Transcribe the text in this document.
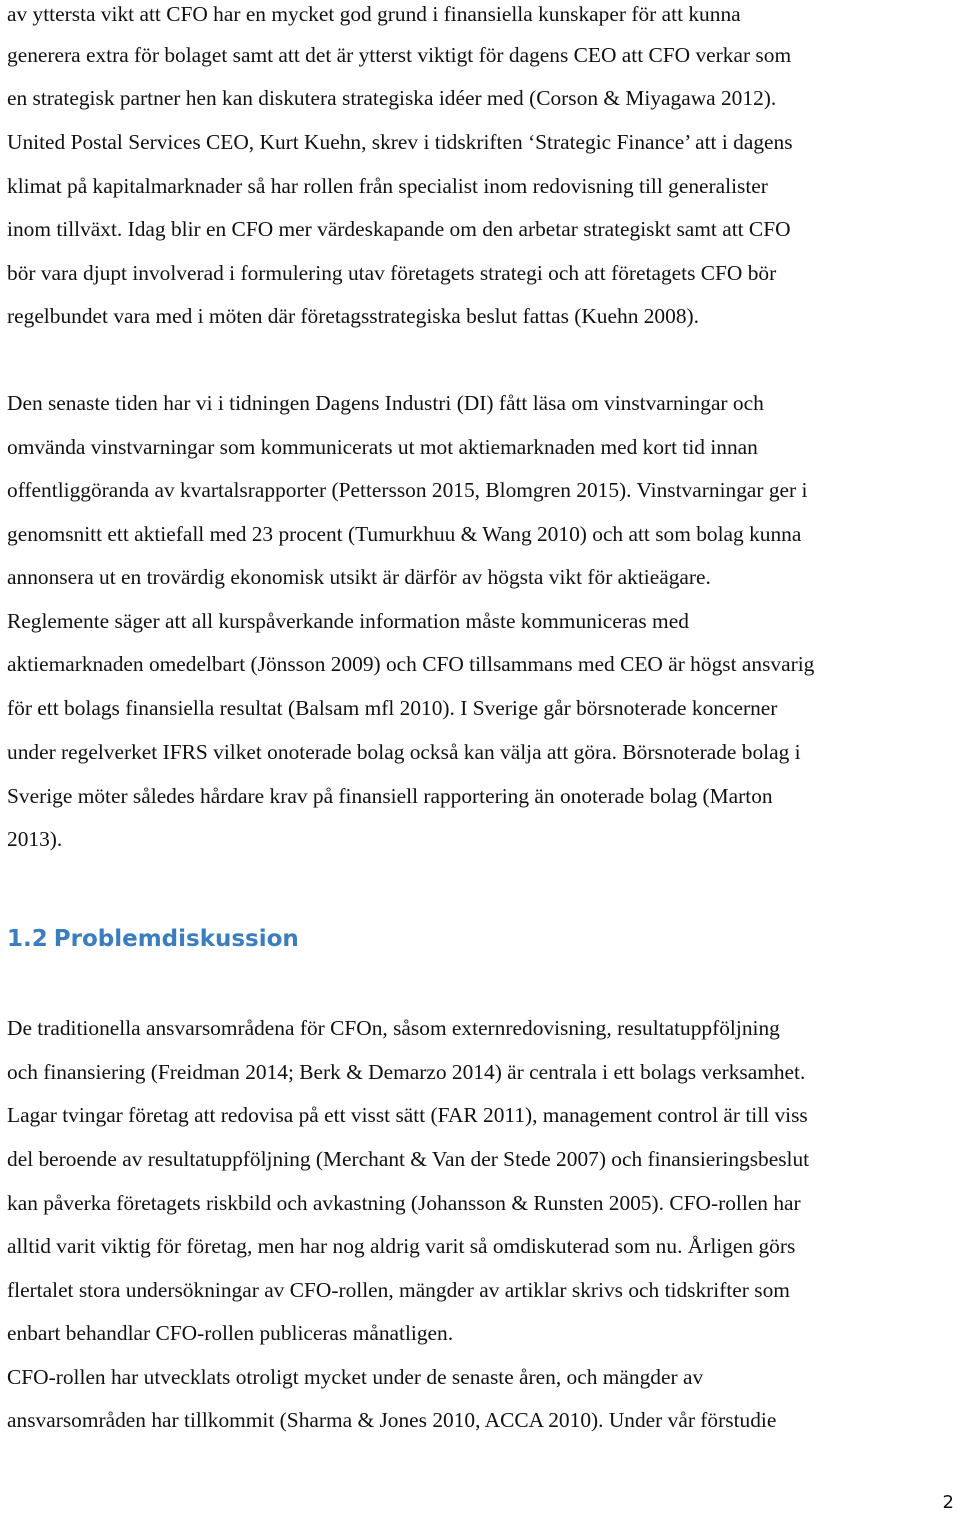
av yttersta vikt att CFO har en mycket god grund i finansiella kunskaper för att kunna
generera extra för bolaget samt att det är ytterst viktigt för dagens CEO att CFO verkar som
en strategisk partner hen kan diskutera strategiska idéer med (Corson & Miyagawa 2012).
United Postal Services CEO, Kurt Kuehn, skrev i tidskriften ‘Strategic Finance’ att i dagens
klimat på kapitalmarknader så har rollen från specialist inom redovisning till generalister
inom tillväxt. Idag blir en CFO mer värdeskapande om den arbetar strategiskt samt att CFO
bör vara djupt involverad i formulering utav företagets strategi och att företagets CFO bör
regelbundet vara med i möten där företagsstrategiska beslut fattas (Kuehn 2008).
Den senaste tiden har vi i tidningen Dagens Industri (DI) fått läsa om vinstvarningar och
omvända vinstvarningar som kommunicerats ut mot aktiemarknaden med kort tid innan
offentliggöranda av kvartalsrapporter (Pettersson 2015, Blomgren 2015). Vinstvarningar ger i
genomsnitt ett aktiefall med 23 procent (Tumurkhuu & Wang 2010) och att som bolag kunna
annonsera ut en trovärdig ekonomisk utsikt är därför av högsta vikt för aktieägare.
Reglemente säger att all kurspåverkande information måste kommuniceras med
aktiemarknaden omedelbart (Jönsson 2009) och CFO tillsammans med CEO är högst ansvarig
för ett bolags finansiella resultat (Balsam mfl 2010). I Sverige går börsnoterade koncerner
under regelverket IFRS vilket onoterade bolag också kan välja att göra. Börsnoterade bolag i
Sverige möter således hårdare krav på finansiell rapportering än onoterade bolag (Marton
2013).
1.2 Problemdiskussion
De traditionella ansvarsområdena för CFOn, såsom externredovisning, resultatuppföljning
och finansiering (Freidman 2014; Berk & Demarzo 2014) är centrala i ett bolags verksamhet.
Lagar tvingar företag att redovisa på ett visst sätt (FAR 2011), management control är till viss
del beroende av resultatuppföljning (Merchant & Van der Stede 2007) och finansieringsbeslut
kan påverka företagets riskbild och avkastning (Johansson & Runsten 2005). CFO-rollen har
alltid varit viktig för företag, men har nog aldrig varit så omdiskuterad som nu. Årligen görs
flertalet stora undersökningar av CFO-rollen, mängder av artiklar skrivs och tidskrifter som
enbart behandlar CFO-rollen publiceras månatligen.
CFO-rollen har utvecklats otroligt mycket under de senaste åren, och mängder av
ansvarsområden har tillkommit (Sharma & Jones 2010, ACCA 2010). Under vår förstudie
2
